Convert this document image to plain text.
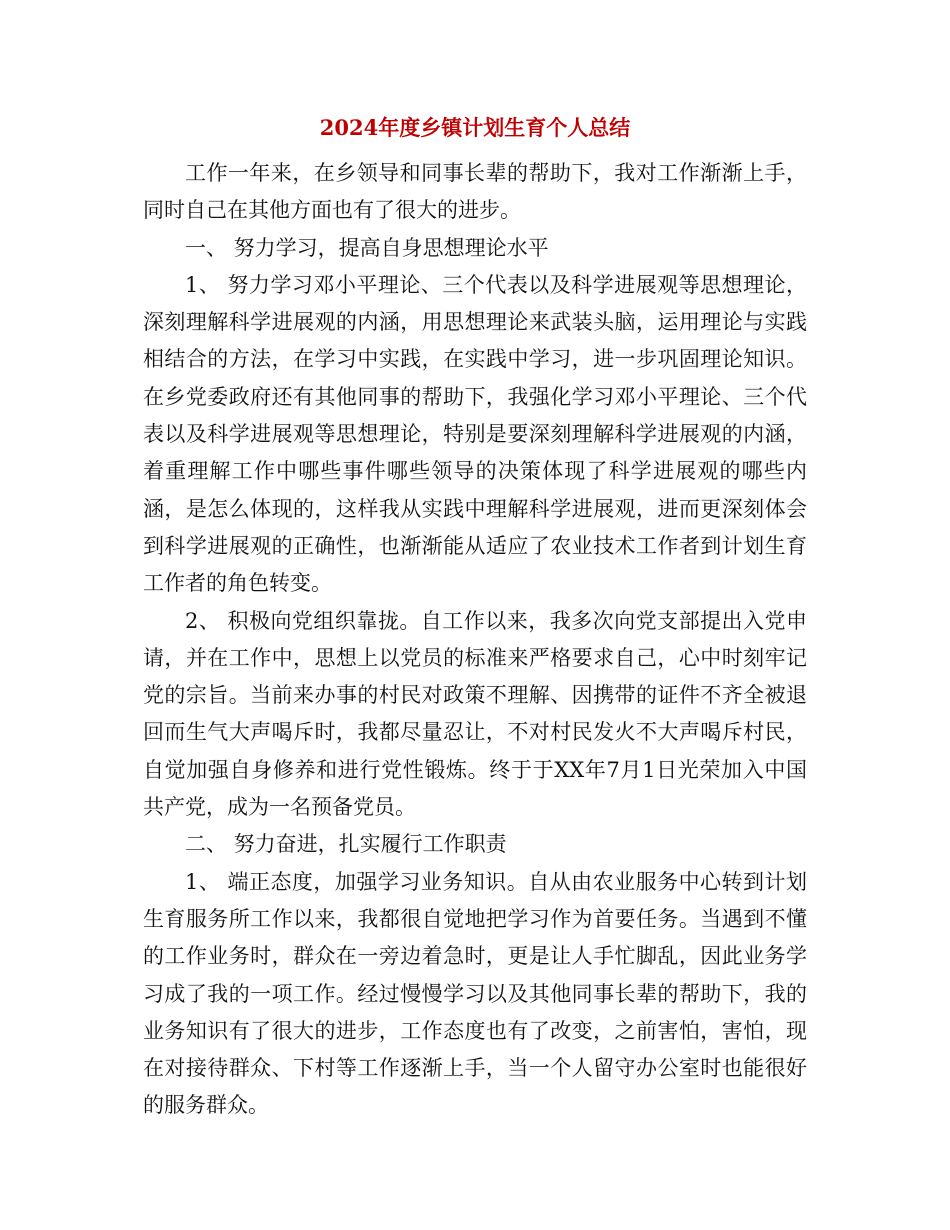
2024年度乡镇计划生育个人总结

工作一年来，在乡领导和同事长辈的帮助下，我对工作渐渐上手，同时自己在其他方面也有了很大的进步。

一、 努力学习，提高自身思想理论水平

1、 努力学习邓小平理论、三个代表以及科学进展观等思想理论，深刻理解科学进展观的内涵，用思想理论来武装头脑，运用理论与实践相结合的方法，在学习中实践，在实践中学习，进一步巩固理论知识。在乡党委政府还有其他同事的帮助下，我强化学习邓小平理论、三个代表以及科学进展观等思想理论，特别是要深刻理解科学进展观的内涵，着重理解工作中哪些事件哪些领导的决策体现了科学进展观的哪些内涵，是怎么体现的，这样我从实践中理解科学进展观，进而更深刻体会到科学进展观的正确性，也渐渐能从适应了农业技术工作者到计划生育工作者的角色转变。

2、 积极向党组织靠拢。自工作以来，我多次向党支部提出入党申请，并在工作中，思想上以党员的标准来严格要求自己，心中时刻牢记党的宗旨。当前来办事的村民对政策不理解、因携带的证件不齐全被退回而生气大声喝斥时，我都尽量忍让，不对村民发火不大声喝斥村民，自觉加强自身修养和进行党性锻炼。终于于XX年7月1日光荣加入中国共产党，成为一名预备党员。

二、 努力奋进，扎实履行工作职责

1、 端正态度，加强学习业务知识。自从由农业服务中心转到计划生育服务所工作以来，我都很自觉地把学习作为首要任务。当遇到不懂的工作业务时，群众在一旁边着急时，更是让人手忙脚乱，因此业务学习成了我的一项工作。经过慢慢学习以及其他同事长辈的帮助下，我的业务知识有了很大的进步，工作态度也有了改变，之前害怕，害怕，现在对接待群众、下村等工作逐渐上手，当一个人留守办公室时也能很好的服务群众。
